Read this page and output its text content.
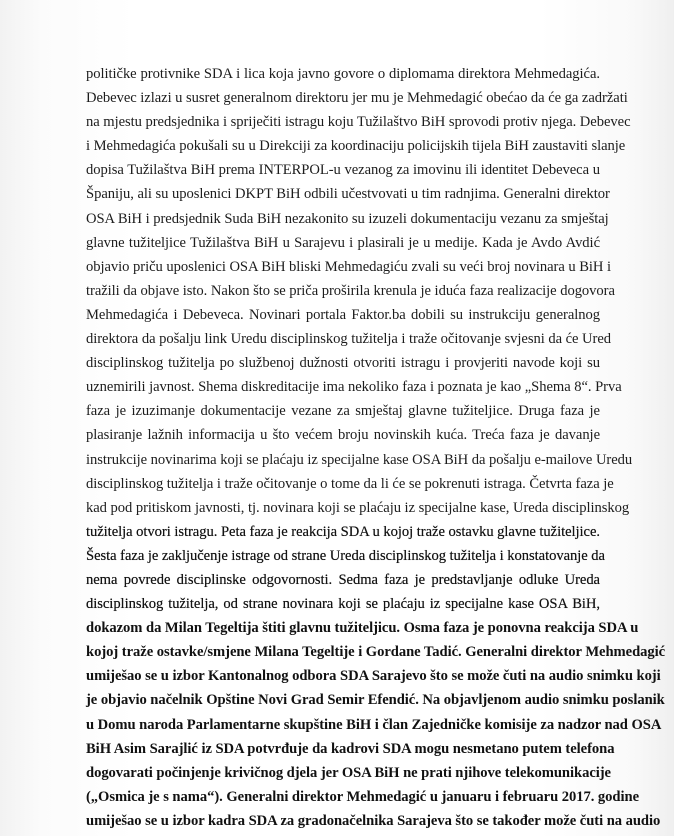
političke protivnike SDA i lica koja javno govore o diplomama direktora Mehmedagića.
Debevec izlazi u susret generalnom direktoru jer mu je Mehmedagić obećao da će ga zadržati
na mjestu predsjednika i spriječiti istragu koju Tužilaštvo BiH sprovodi protiv njega. Debevec
i Mehmedagića pokušali su u Direkciji za koordinaciju policijskih tijela BiH zaustaviti slanje
dopisa Tužilaštva BiH prema INTERPOL-u vezanog za imovinu ili identitet Debeveca u
Španiju, ali su uposlenici DKPT BiH odbili učestvovati u tim radnjima. Generalni direktor
OSA BiH i predsjednik Suda BiH nezakonito su izuzeli dokumentaciju vezanu za smještaj
glavne tužiteljice Tužilaštva BiH u Sarajevu i plasirali je u medije. Kada je Avdo Avdić
objavio priču uposlenici OSA BiH bliski Mehmedagiću zvali su veći broj novinara u BiH i
tražili da objave isto. Nakon što se priča proširila krenula je iduća faza realizacije dogovora
Mehmedagića i Debeveca. Novinari portala Faktor.ba dobili su instrukciju generalnog
direktora da pošalju link Uredu disciplinskog tužitelja i traže očitovanje svjesni da će Ured
disciplinskog tužitelja po službenoj dužnosti otvoriti istragu i provjeriti navode koji su
uznemirili javnost. Shema diskreditacije ima nekoliko faza i poznata je kao „Shema 8“. Prva
faza je izuzimanje dokumentacije vezane za smještaj glavne tužiteljice. Druga faza je
plasiranje lažnih informacija u što većem broju novinskih kuća. Treća faza je davanje
instrukcije novinarima koji se plaćaju iz specijalne kase OSA BiH da pošalju e-mailove Uredu
disciplinskog tužitelja i traže očitovanje o tome da li će se pokrenuti istraga. Četvrta faza je
kad pod pritiskom javnosti, tj. novinara koji se plaćaju iz specijalne kase, Ureda disciplinskog
tužitelja otvori istragu. Peta faza je reakcija SDA u kojoj traže ostavku glavne tužiteljice.
Šesta faza je zaključenje istrage od strane Ureda disciplinskog tužitelja i konstatovanje da
nema povrede disciplinske odgovornosti. Sedma faza je predstavljanje odluke Ureda
disciplinskog tužitelja, od strane novinara koji se plaćaju iz specijalne kase OSA BiH,
dokazom da Milan Tegeltija štiti glavnu tužiteljicu. Osma faza je ponovna reakcija SDA u
kojoj traže ostavke/smjene Milana Tegeltije i Gordane Tadić. Generalni direktor Mehmedagić
umiješao se u izbor Kantonalnog odbora SDA Sarajevo što se može čuti na audio snimku koji
je objavio načelnik Opštine Novi Grad Semir Efendić. Na objavljenom audio snimku poslanik
u Domu naroda Parlamentarne skupštine BiH i član Zajedničke komisije za nadzor nad OSA
BiH Asim Sarajlić iz SDA potvrđuje da kadrovi SDA mogu nesmetano putem telefona
dogovarati počinjenje krivičnog djela jer OSA BiH ne prati njihove telekomunikacije
(„Osmica je s nama“). Generalni direktor Mehmedagić u januaru i februaru 2017. godine
umiješao se u izbor kadra SDA za gradonačelnika Sarajeva što se također može čuti na audio
